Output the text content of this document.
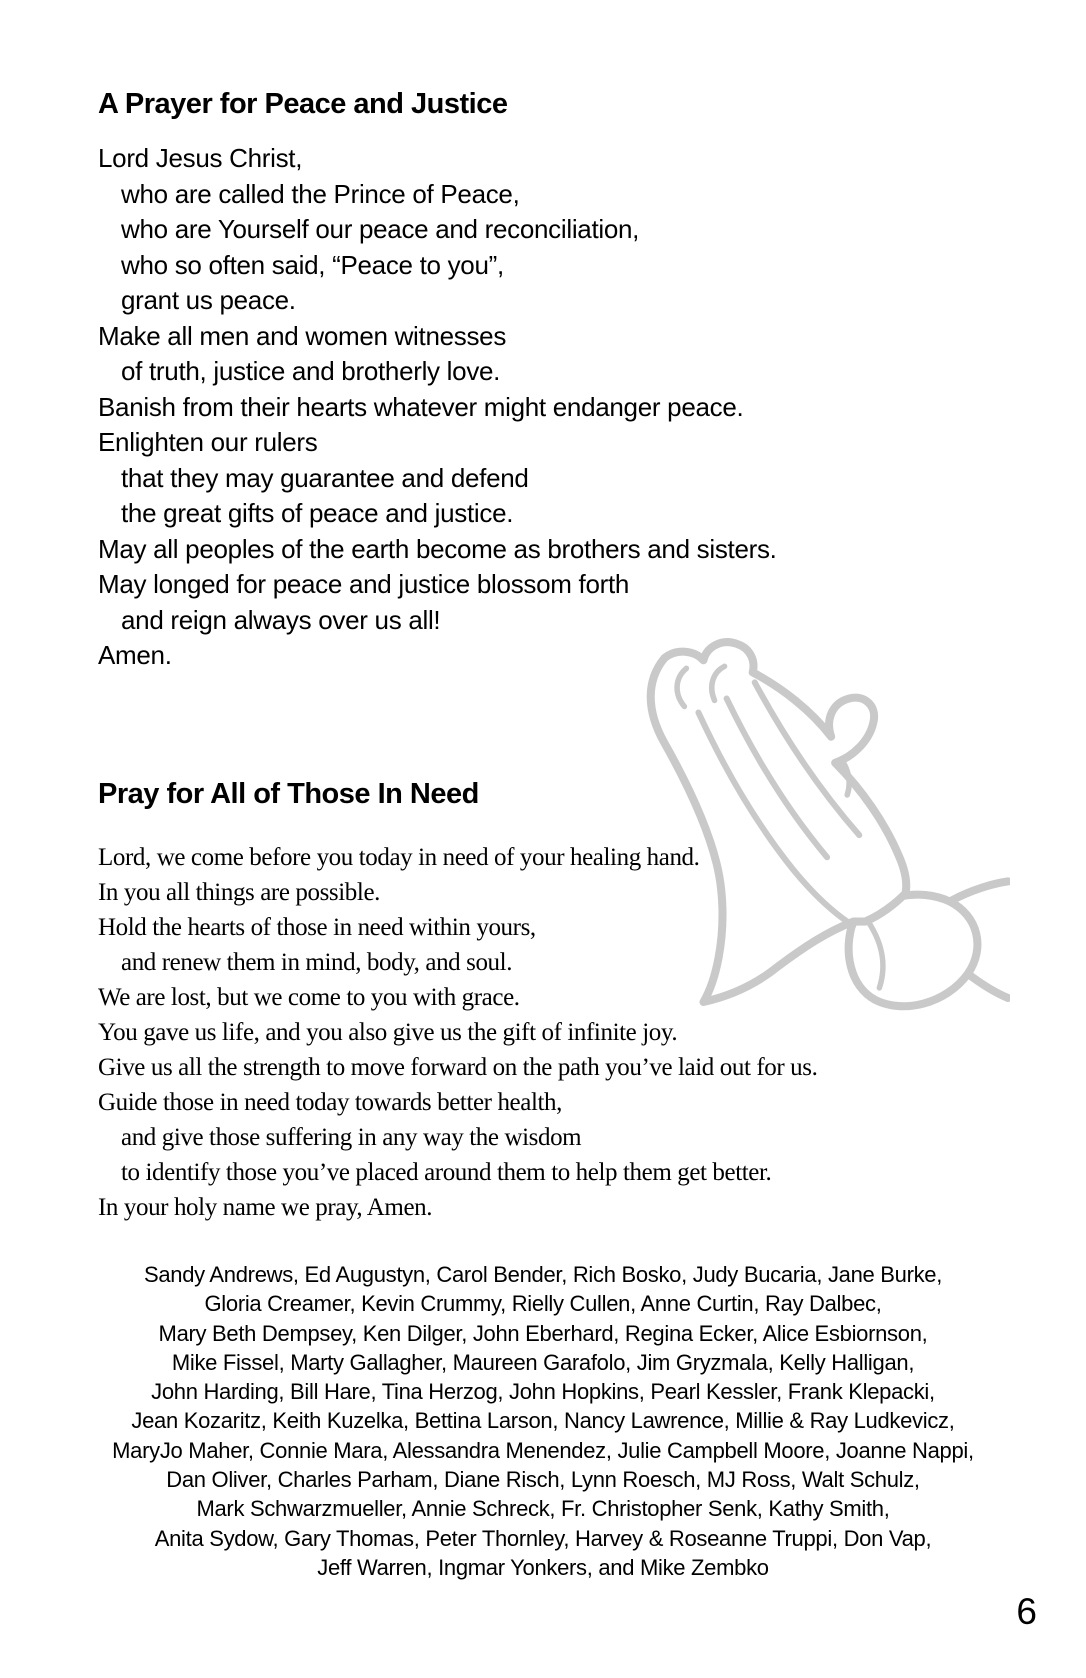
A Prayer for Peace and Justice
Lord Jesus Christ,
who are called the Prince of Peace,
who are Yourself our peace and reconciliation,
who so often said, “Peace to you”,
grant us peace.
Make all men and women witnesses
of truth, justice and brotherly love.
Banish from their hearts whatever might endanger peace.
Enlighten our rulers
that they may guarantee and defend
the great gifts of peace and justice.
May all peoples of the earth become as brothers and sisters.
May longed for peace and justice blossom forth
and reign always over us all!
Amen.
Pray for All of Those In Need
Lord, we come before you today in need of your healing hand.
In you all things are possible.
Hold the hearts of those in need within yours,
and renew them in mind, body, and soul.
We are lost, but we come to you with grace.
You gave us life, and you also give us the gift of infinite joy.
Give us all the strength to move forward on the path you’ve laid out for us.
Guide those in need today towards better health,
and give those suffering in any way the wisdom
to identify those you’ve placed around them to help them get better.
In your holy name we pray, Amen.
Sandy Andrews, Ed Augustyn, Carol Bender, Rich Bosko, Judy Bucaria, Jane Burke,
Gloria Creamer, Kevin Crummy, Rielly Cullen, Anne Curtin, Ray Dalbec,
Mary Beth Dempsey, Ken Dilger, John Eberhard, Regina Ecker, Alice Esbiornson,
Mike Fissel, Marty Gallagher, Maureen Garafolo, Jim Gryzmala, Kelly Halligan,
John Harding, Bill Hare, Tina Herzog, John Hopkins, Pearl Kessler, Frank Klepacki,
Jean Kozaritz, Keith Kuzelka, Bettina Larson, Nancy Lawrence, Millie & Ray Ludkevicz,
MaryJo Maher, Connie Mara, Alessandra Menendez, Julie Campbell Moore, Joanne Nappi,
Dan Oliver, Charles Parham, Diane Risch, Lynn Roesch, MJ Ross, Walt Schulz,
Mark Schwarzmueller, Annie Schreck, Fr. Christopher Senk, Kathy Smith,
Anita Sydow, Gary Thomas, Peter Thornley, Harvey & Roseanne Truppi, Don Vap,
Jeff Warren, Ingmar Yonkers, and Mike Zembko
6
